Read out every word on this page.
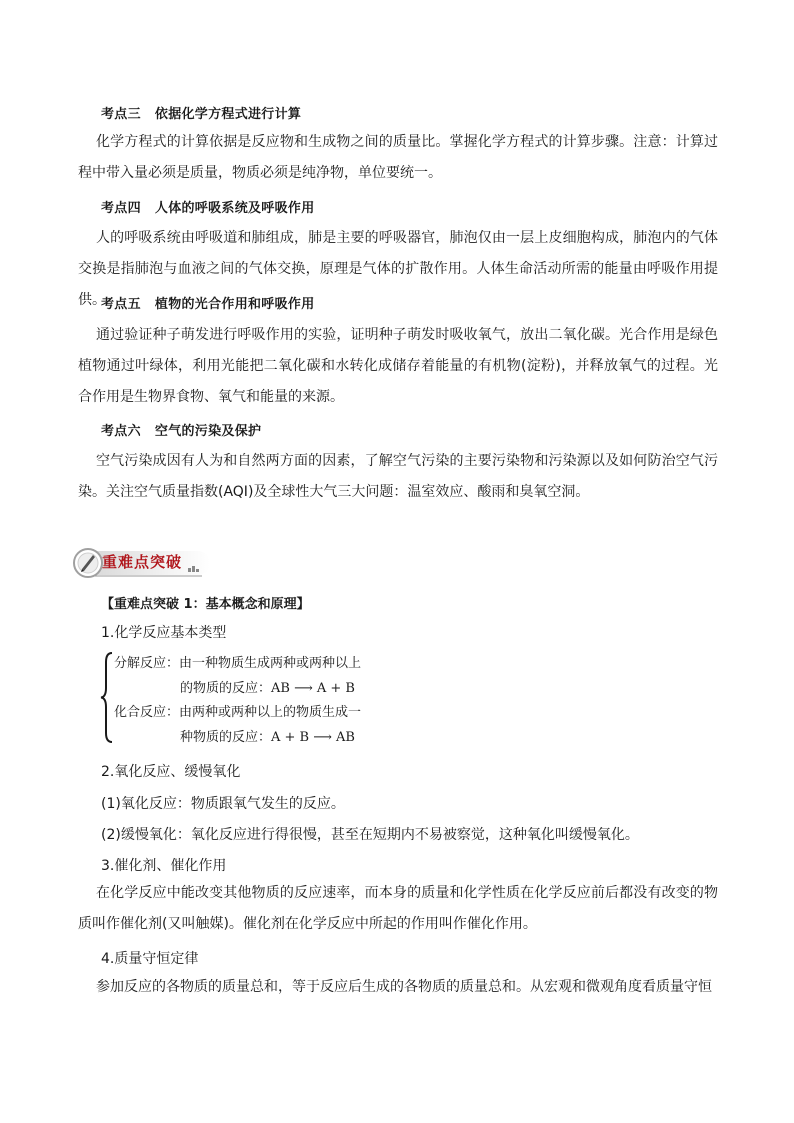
考点三 依据化学方程式进行计算

化学方程式的计算依据是反应物和生成物之间的质量比。掌握化学方程式的计算步骤。注意：计算过程中带入量必须是质量，物质必须是纯净物，单位要统一。

考点四 人体的呼吸系统及呼吸作用

人的呼吸系统由呼吸道和肺组成，肺是主要的呼吸器官，肺泡仅由一层上皮细胞构成，肺泡内的气体交换是指肺泡与血液之间的气体交换，原理是气体的扩散作用。人体生命活动所需的能量由呼吸作用提供。

考点五 植物的光合作用和呼吸作用

通过验证种子萌发进行呼吸作用的实验，证明种子萌发时吸收氧气，放出二氧化碳。光合作用是绿色植物通过叶绿体，利用光能把二氧化碳和水转化成储存着能量的有机物(淀粉)，并释放氧气的过程。光合作用是生物界食物、氧气和能量的来源。

考点六 空气的污染及保护

空气污染成因有人为和自然两方面的因素，了解空气污染的主要污染物和污染源以及如何防治空气污染。关注空气质量指数(AQI)及全球性大气三大问题：温室效应、酸雨和臭氧空洞。

重难点突破
【重难点突破 1：基本概念和原理】
1.化学反应基本类型
分解反应：由一种物质生成两种或两种以上
的物质的反应：AB ⟶ A + B
化合反应：由两种或两种以上的物质生成一
种物质的反应：A + B ⟶ AB
2.氧化反应、缓慢氧化
(1)氧化反应：物质跟氧气发生的反应。
(2)缓慢氧化：氧化反应进行得很慢，甚至在短期内不易被察觉，这种氧化叫缓慢氧化。
3.催化剂、催化作用

在化学反应中能改变其他物质的反应速率，而本身的质量和化学性质在化学反应前后都没有改变的物质叫作催化剂(又叫触媒)。催化剂在化学反应中所起的作用叫作催化作用。

4.质量守恒定律

参加反应的各物质的质量总和，等于反应后生成的各物质的质量总和。从宏观和微观角度看质量守恒
